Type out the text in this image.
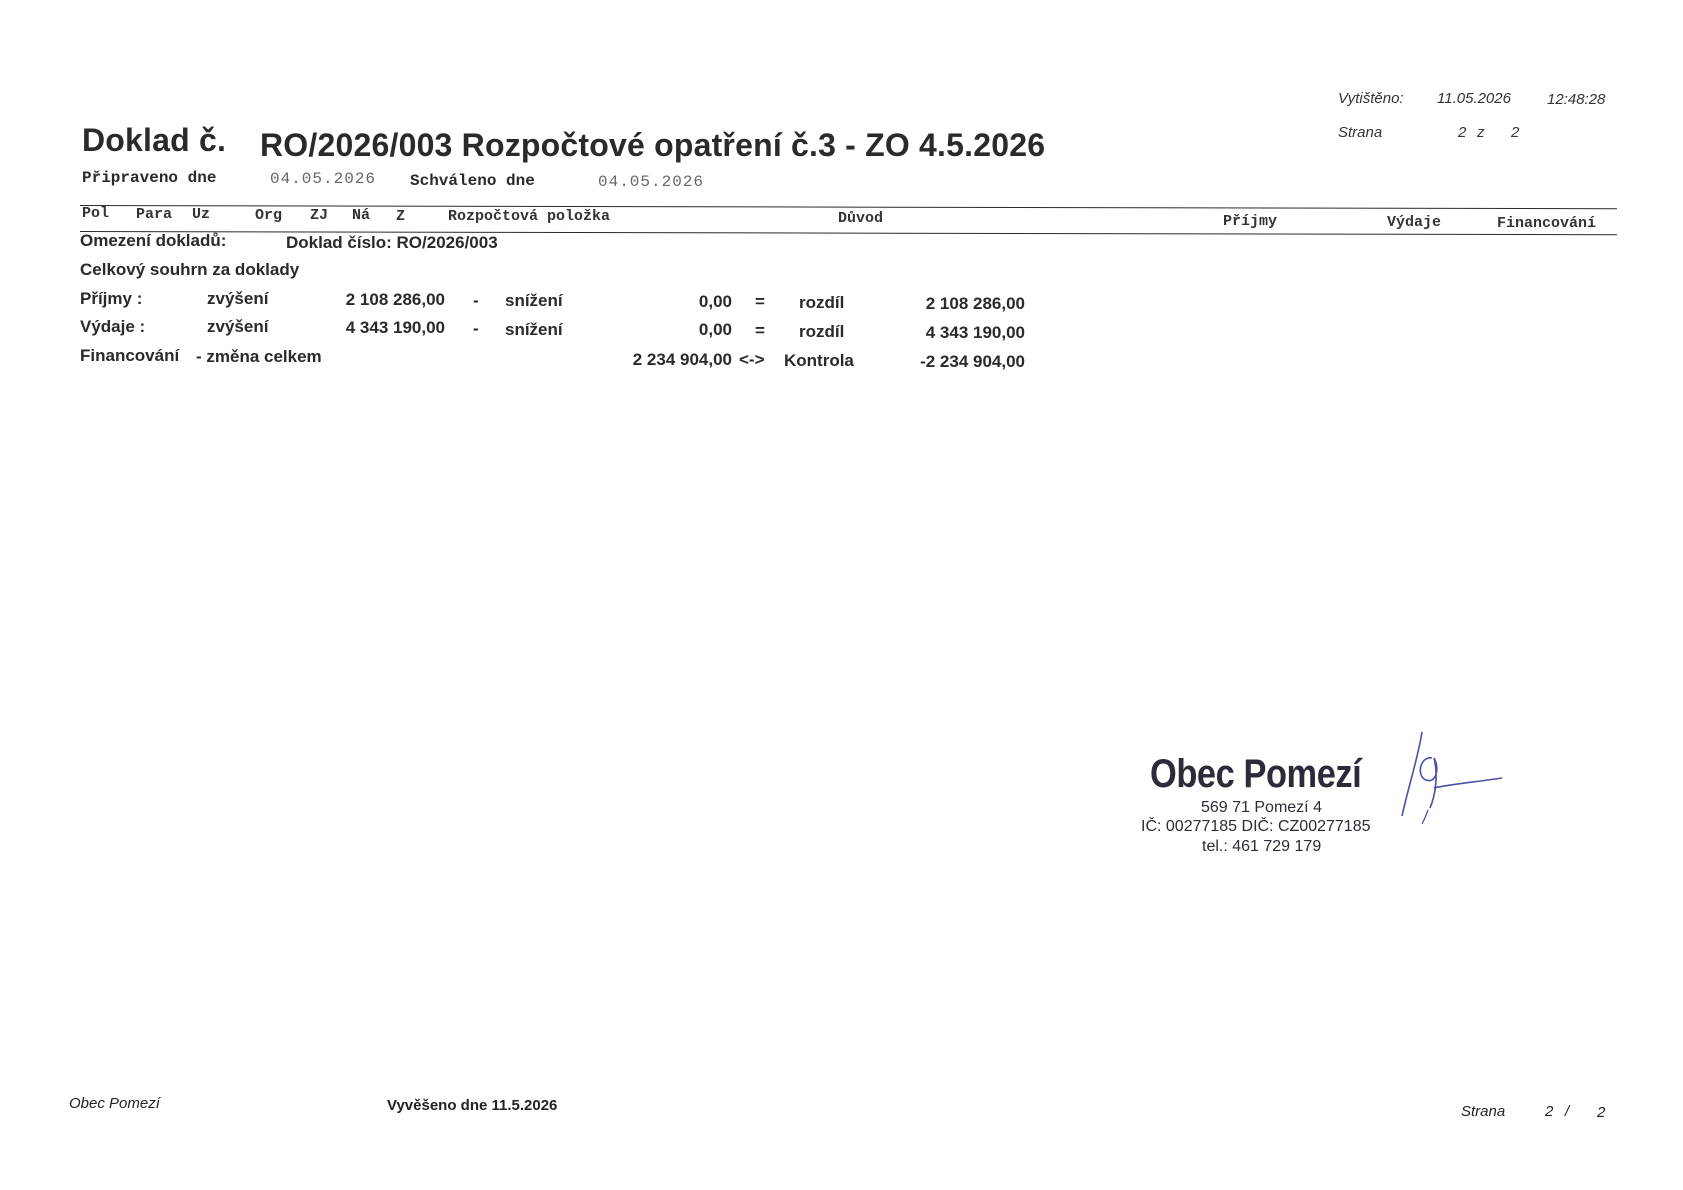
Vytištěno: 11.05.2026 12:48:28
Strana	2 z 2
Doklad č. RO/2026/003 Rozpočtové opatření č.3 - ZO 4.5.2026
Připraveno dne	04.05.2026 Schváleno dne	04.05.2026
Pol Para Uz	Org ZJ Ná Z	Rozpočtová položka	Důvod	Příjmy	Výdaje	Financování
Omezení dokladů:	Doklad číslo: RO/2026/003
Celkový souhrn za doklady
Příjmy :	zvýšení	2 108 286,00 - snížení	0,00 = rozdíl	2 108 286,00
Výdaje :	zvýšení	4 343 190,00 - snížení	0,00 = rozdíl	4 343 190,00
Financování - změna celkem	2 234 904,00 <-> Kontrola	-2 234 904,00
Obec Pomezí
569 71 Pomezí 4
IČ: 00277185 DIČ: CZ00277185
tel.: 461 729 179
Obec Pomezí	Vyvěšeno dne 11.5.2026	Strana	2 / 2
